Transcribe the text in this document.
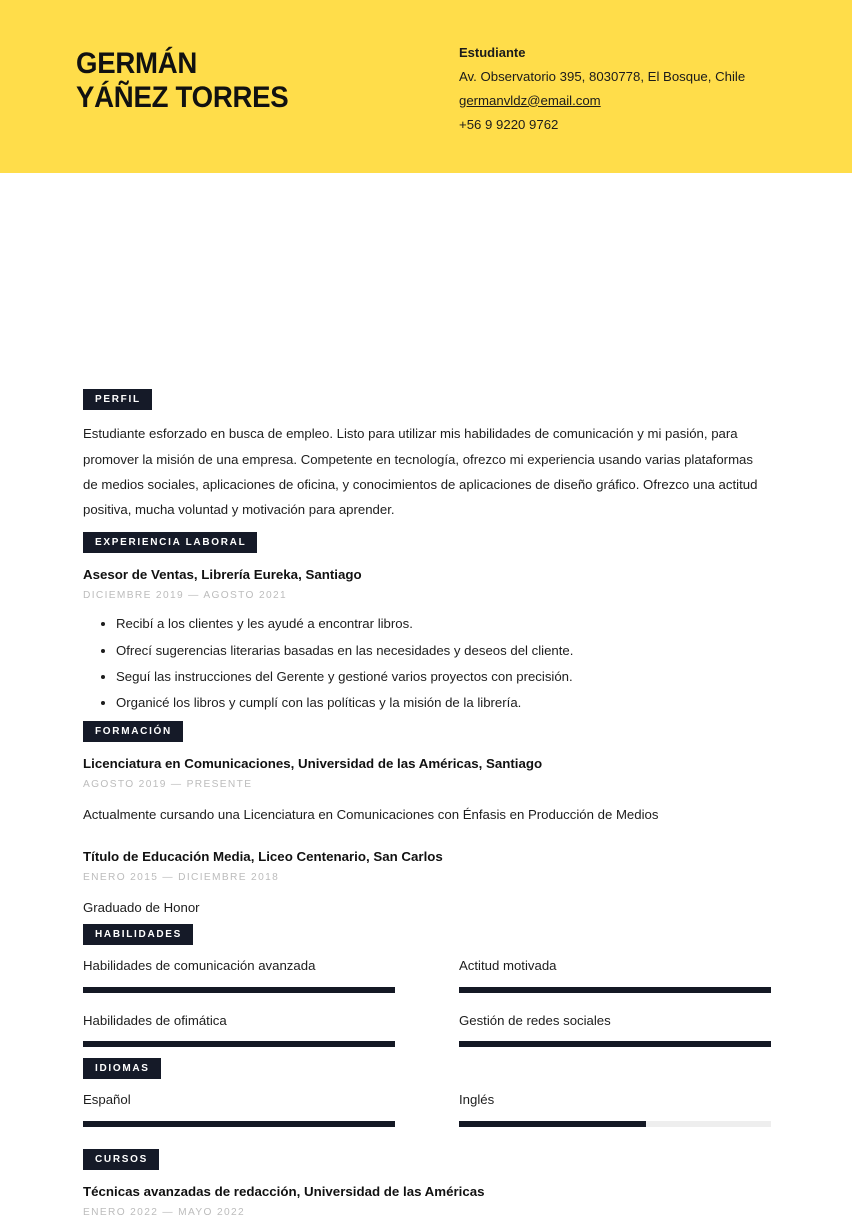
GERMÁN
YÁÑEZ TORRES
Estudiante
Av. Observatorio 395, 8030778, El Bosque, Chile
germanvldz@email.com
+56 9 9220 9762
PERFIL
Estudiante esforzado en busca de empleo. Listo para utilizar mis habilidades de comunicación y mi pasión, para promover la misión de una empresa. Competente en tecnología, ofrezco mi experiencia usando varias plataformas de medios sociales, aplicaciones de oficina, y conocimientos de aplicaciones de diseño gráfico. Ofrezco una actitud positiva, mucha voluntad y motivación para aprender.
EXPERIENCIA LABORAL
Asesor de Ventas, Librería Eureka, Santiago
DICIEMBRE 2019 — AGOSTO 2021
Recibí a los clientes y les ayudé a encontrar libros.
Ofrecí sugerencias literarias basadas en las necesidades y deseos del cliente.
Seguí las instrucciones del Gerente y gestioné varios proyectos con precisión.
Organicé los libros y cumplí con las políticas y la misión de la librería.
FORMACIÓN
Licenciatura en Comunicaciones, Universidad de las Américas, Santiago
AGOSTO 2019 — PRESENTE
Actualmente cursando una Licenciatura en Comunicaciones con Énfasis en Producción de Medios
Título de Educación Media, Liceo Centenario, San Carlos
ENERO 2015 — DICIEMBRE 2018
Graduado de Honor
HABILIDADES
Habilidades de comunicación avanzada	Actitud motivada
Habilidades de ofimática	Gestión de redes sociales
IDIOMAS
Español	Inglés
CURSOS
Técnicas avanzadas de redacción, Universidad de las Américas
ENERO 2022 — MAYO 2022
